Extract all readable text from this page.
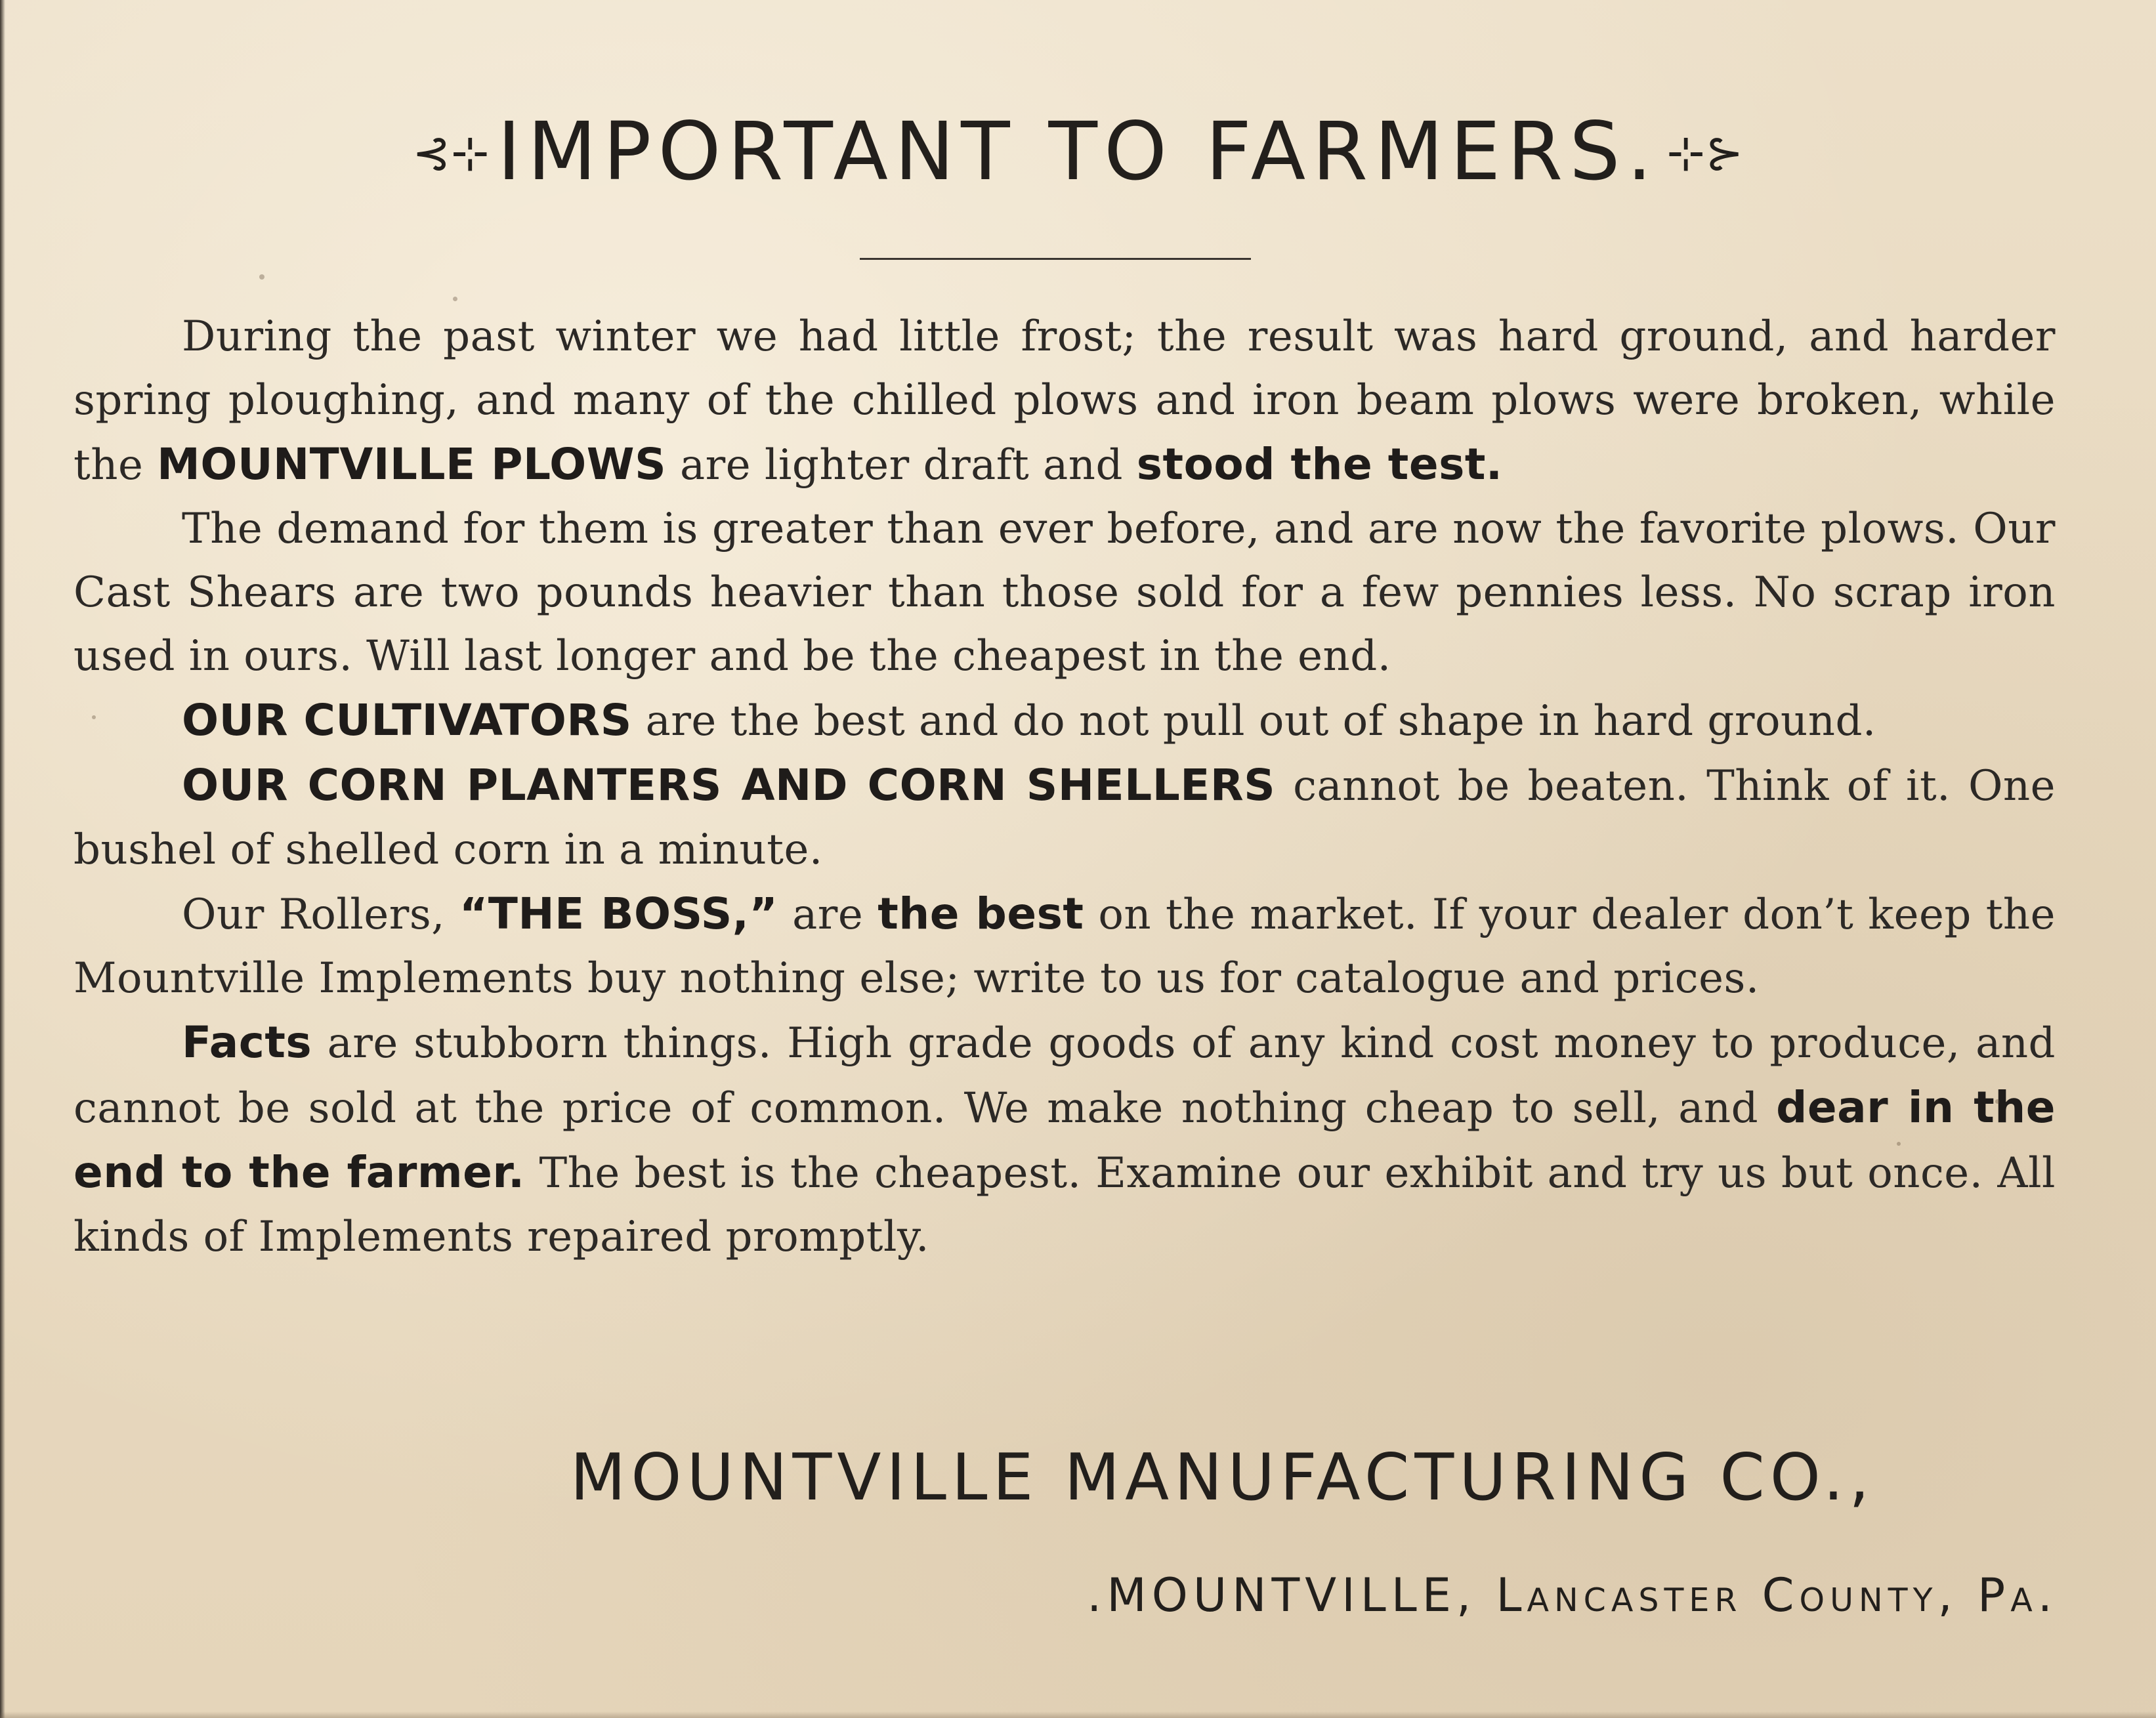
⊰⊹IMPORTANT TO FARMERS. ⊹⊱

During the past winter we had little frost; the result was hard ground, and harder spring ploughing, and many of the chilled plows and iron beam plows were broken, while the MOUNTVILLE PLOWS are lighter draft and stood the test.

The demand for them is greater than ever before, and are now the favorite plows. Our Cast Shears are two pounds heavier than those sold for a few pennies less. No scrap iron used in ours. Will last longer and be the cheapest in the end.

OUR CULTIVATORS are the best and do not pull out of shape in hard ground.

OUR CORN PLANTERS AND CORN SHELLERS cannot be beaten. Think of it. One bushel of shelled corn in a minute.

Our Rollers, “THE BOSS,” are the best on the market. If your dealer don’t keep the Mountville Implements buy nothing else; write to us for catalogue and prices.

Facts are stubborn things. High grade goods of any kind cost money to produce, and cannot be sold at the price of common. We make nothing cheap to sell, and dear in the end to the farmer. The best is the cheapest. Examine our exhibit and try us but once. All kinds of Implements repaired promptly.

MOUNTVILLE MANUFACTURING CO.,
.MOUNTVILLE, Lancaster County, Pa.
